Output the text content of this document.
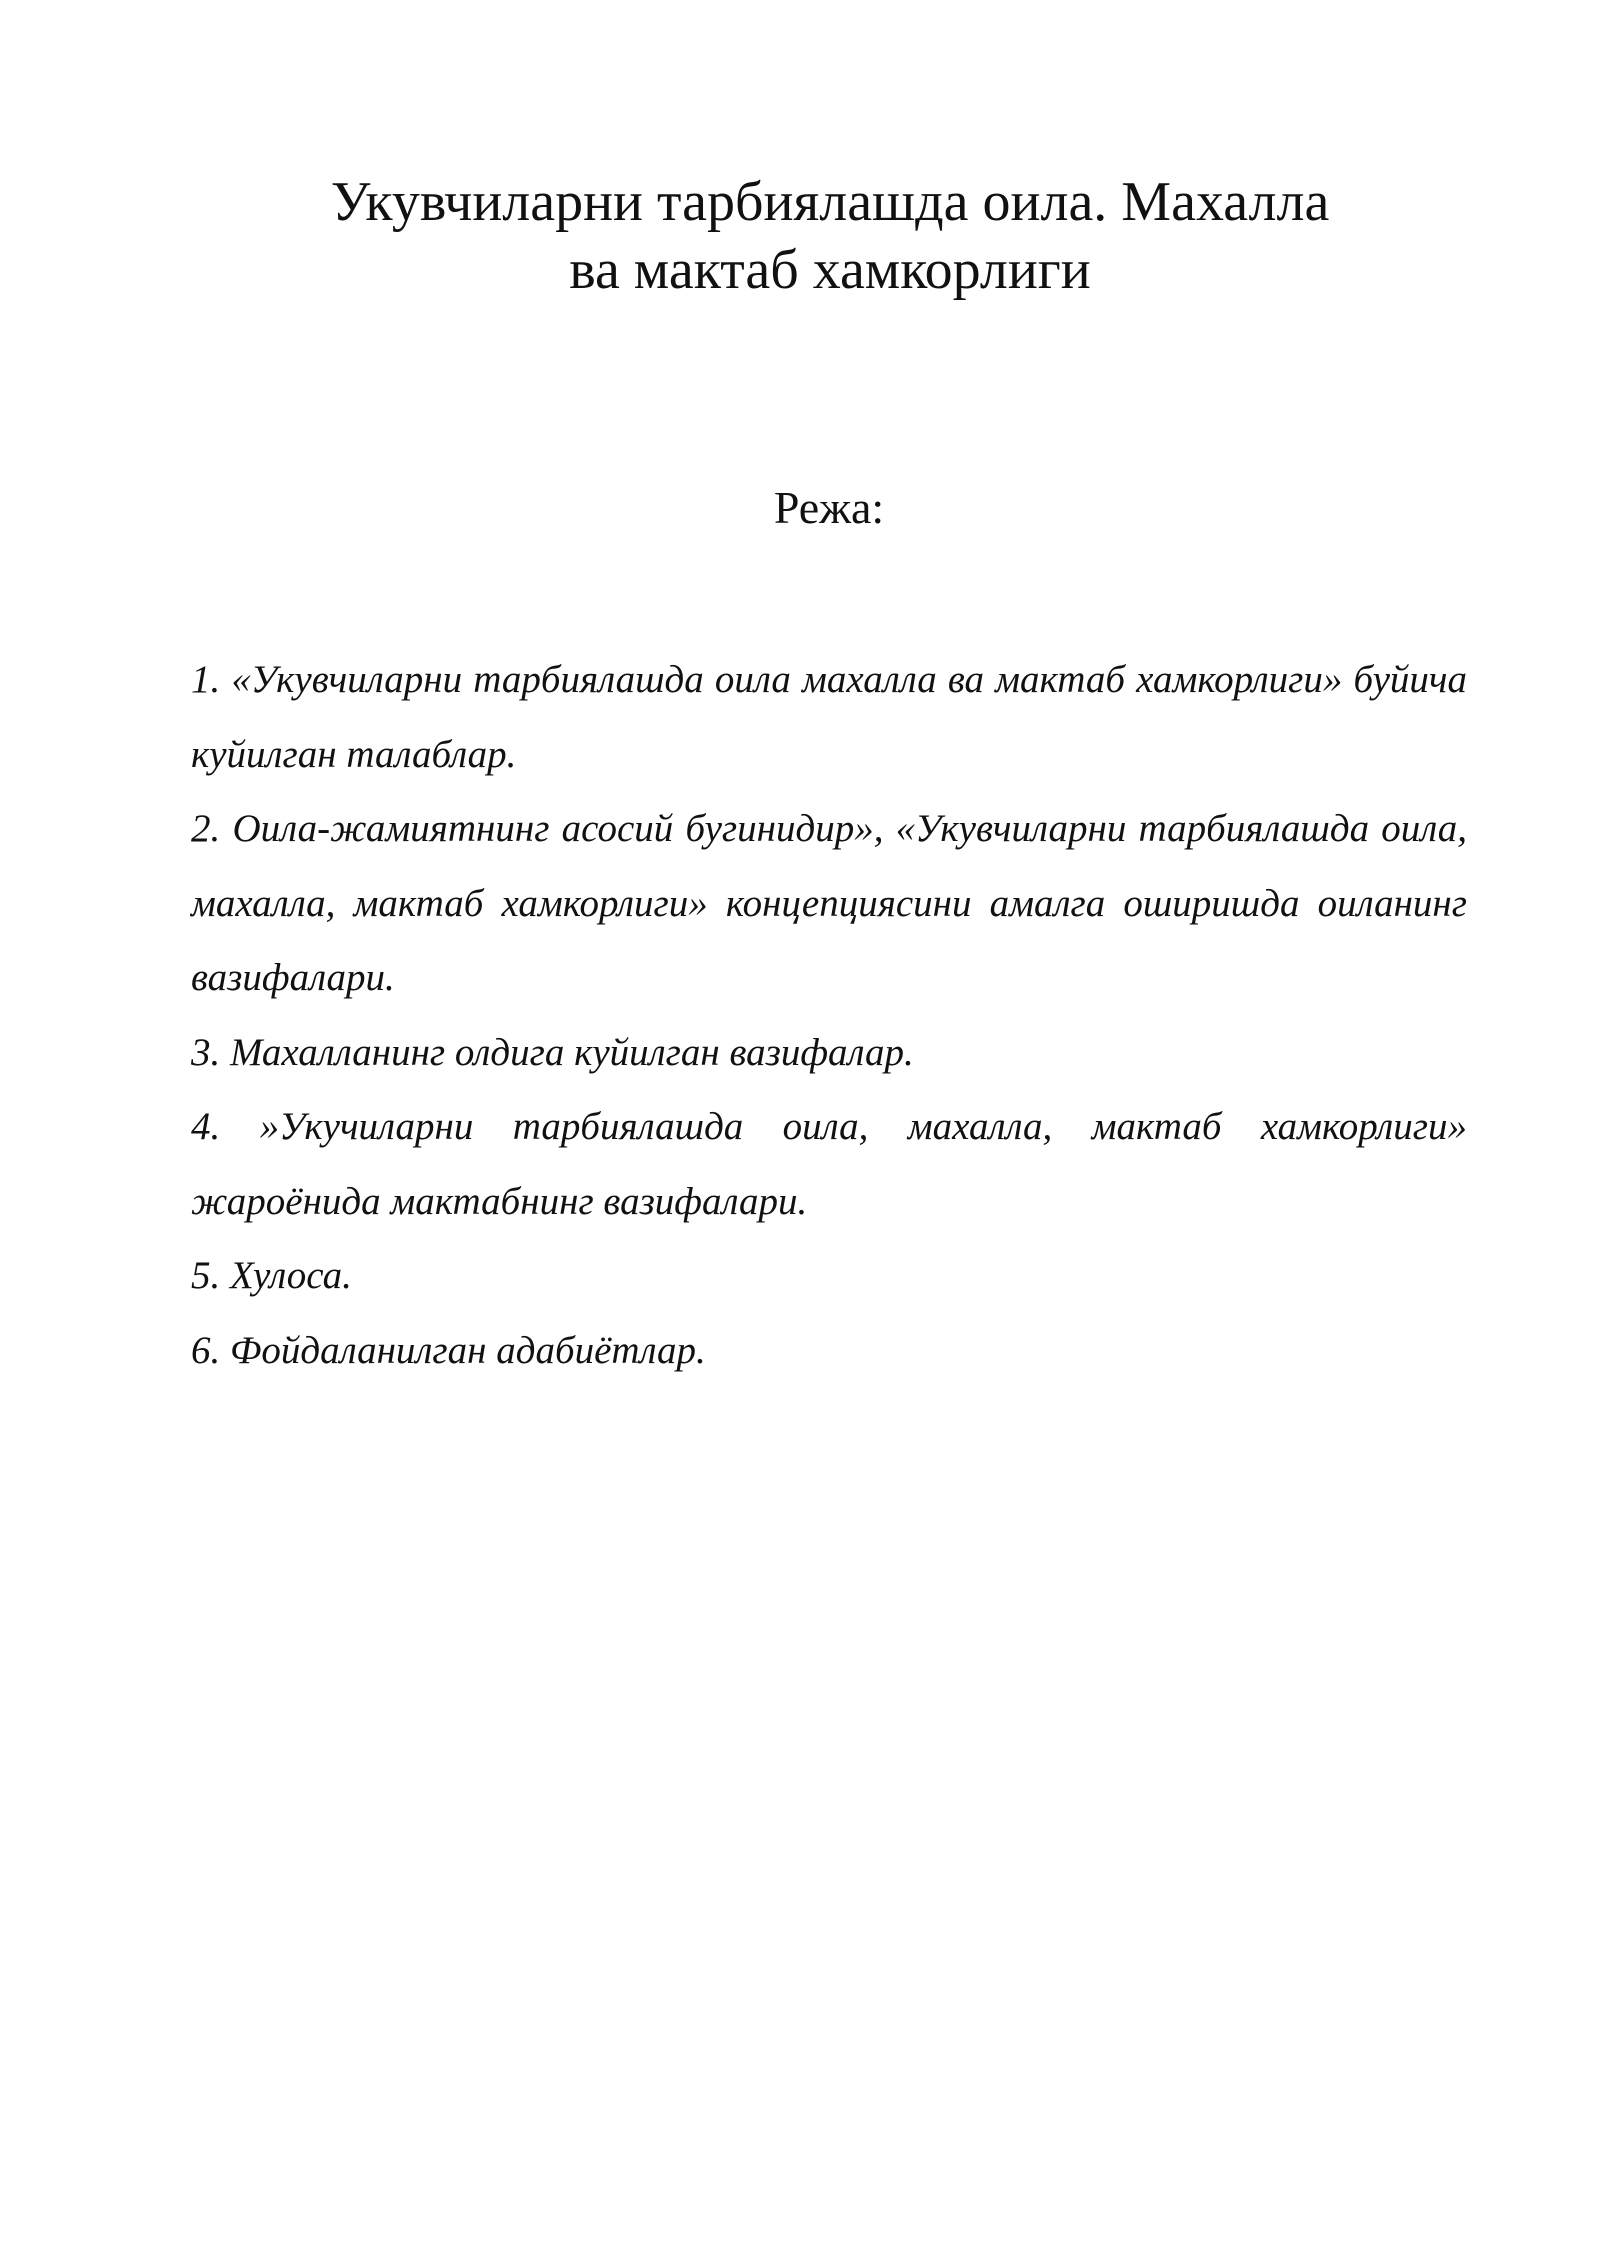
Укувчиларни тарбиялашда оила. Махалла
ва мактаб хамкорлиги
Режа:
1. «Укувчиларни тарбиялашда оила махалла ва мактаб хамкорлиги» буйича куйилган талаблар.
2. Оила-жамиятнинг асосий бугинидир», «Укувчиларни тарбиялашда оила, махалла, мактаб хамкорлиги» концепциясини амалга оширишда оиланинг вазифалари.
3. Махалланинг олдига куйилган вазифалар.
4. »Укучиларни тарбиялашда оила, махалла, мактаб хамкорлиги» жароёнида мактабнинг вазифалари.
5. Хулоса.
6. Фойдаланилган адабиётлар.
